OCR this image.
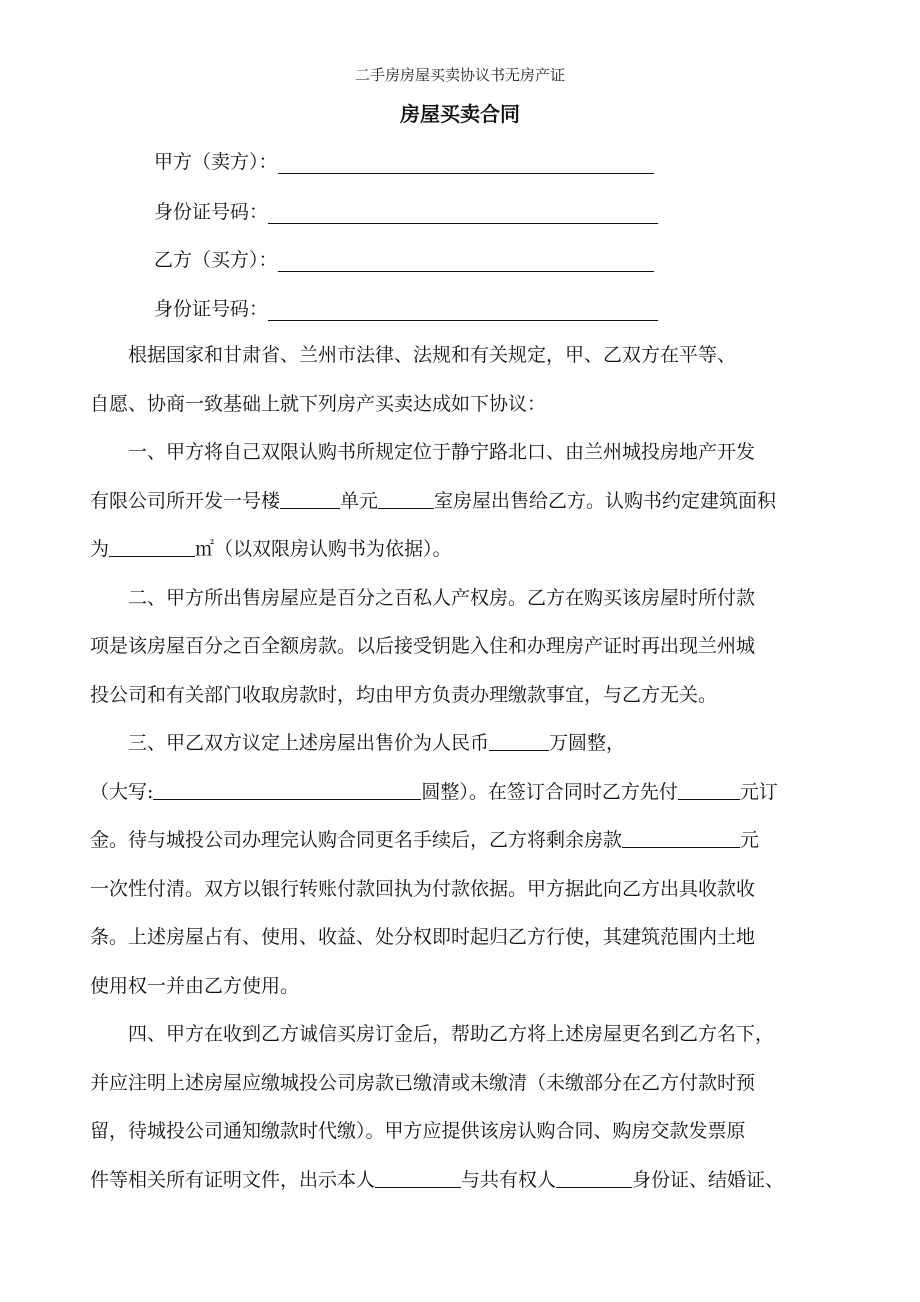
二手房房屋买卖协议书无房产证
房屋买卖合同
甲方（卖方）：
身份证号码：
乙方（买方）：
身份证号码：
根据国家和甘肃省、兰州市法律、法规和有关规定，甲、乙双方在平等、
自愿、协商一致基础上就下列房产买卖达成如下协议：
一、甲方将自己双限认购书所规定位于静宁路北口、由兰州城投房地产开发
有限公司所开发一号楼	单元	室房屋出售给乙方。认购书约定建筑面积
为	㎡（以双限房认购书为依据）。
二、甲方所出售房屋应是百分之百私人产权房。乙方在购买该房屋时所付款
项是该房屋百分之百全额房款。以后接受钥匙入住和办理房产证时再出现兰州城
投公司和有关部门收取房款时，均由甲方负责办理缴款事宜，与乙方无关。
三、甲乙双方议定上述房屋出售价为人民币	万圆整，
（大写:	圆整）。在签订合同时乙方先付	元订
金。待与城投公司办理完认购合同更名手续后，乙方将剩余房款	元
一次性付清。双方以银行转账付款回执为付款依据。甲方据此向乙方出具收款收
条。上述房屋占有、使用、收益、处分权即时起归乙方行使，其建筑范围内土地
使用权一并由乙方使用。
四、甲方在收到乙方诚信买房订金后，帮助乙方将上述房屋更名到乙方名下，
并应注明上述房屋应缴城投公司房款已缴清或未缴清（未缴部分在乙方付款时预
留，待城投公司通知缴款时代缴）。甲方应提供该房认购合同、购房交款发票原
件等相关所有证明文件，出示本人	与共有权人	身份证、结婚证、
